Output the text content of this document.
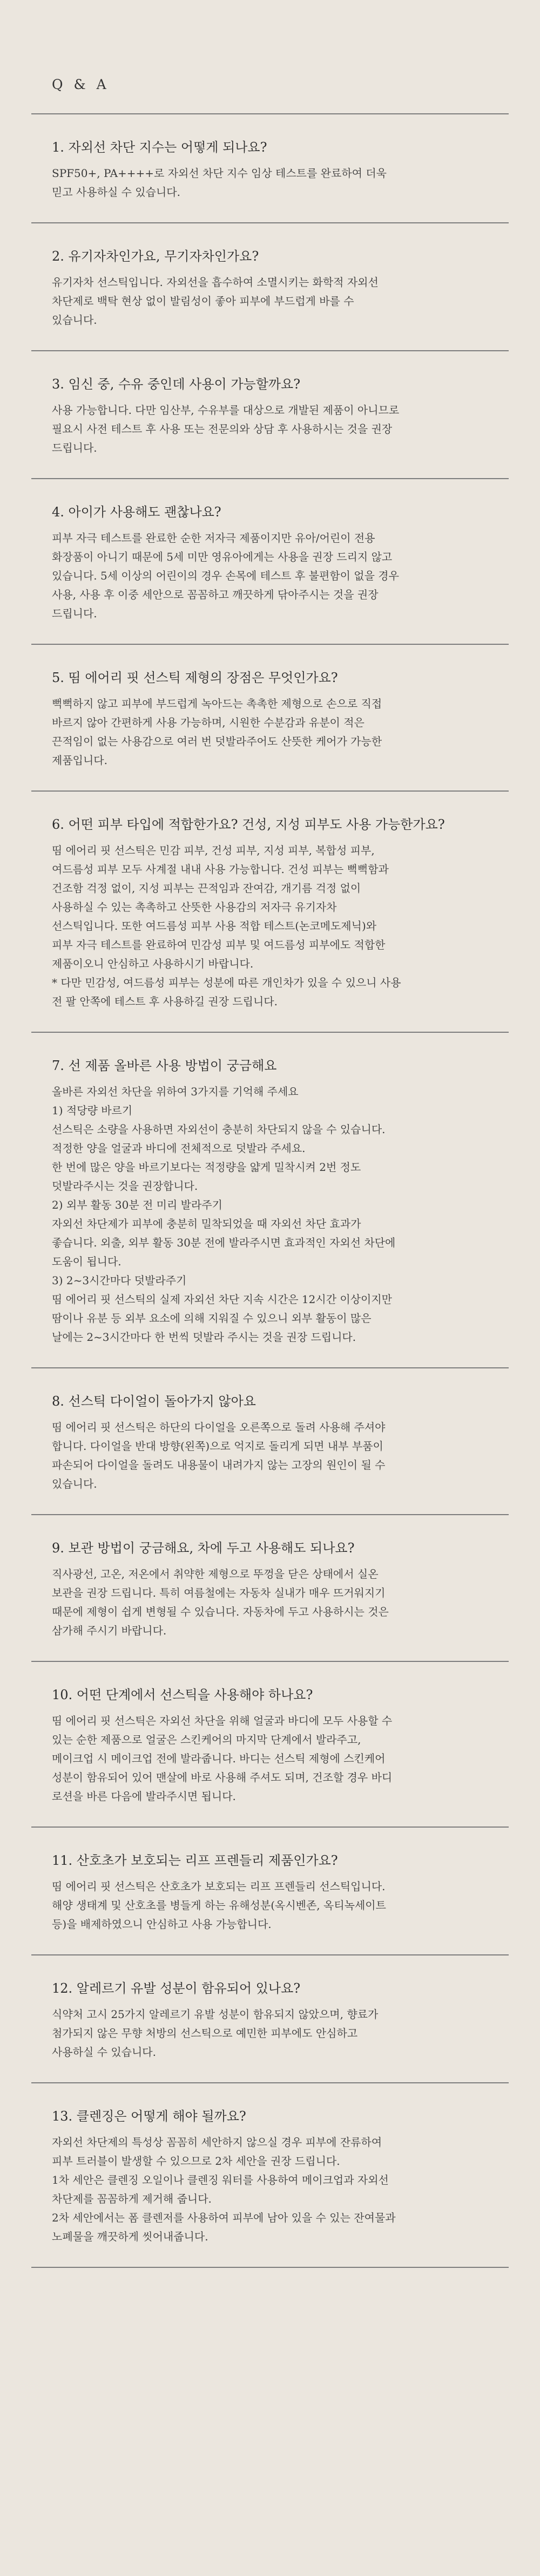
Q & A
1. 자외선 차단 지수는 어떻게 되나요?

SPF50+, PA++++로 자외선 차단 지수 임상 테스트를 완료하여 더욱
믿고 사용하실 수 있습니다.

2. 유기자차인가요, 무기자차인가요?

유기자차 선스틱입니다. 자외선을 흡수하여 소멸시키는 화학적 자외선
차단제로 백탁 현상 없이 발림성이 좋아 피부에 부드럽게 바를 수
있습니다.

3. 임신 중, 수유 중인데 사용이 가능할까요?

사용 가능합니다. 다만 임산부, 수유부를 대상으로 개발된 제품이 아니므로
필요시 사전 테스트 후 사용 또는 전문의와 상담 후 사용하시는 것을 권장
드립니다.

4. 아이가 사용해도 괜찮나요?

피부 자극 테스트를 완료한 순한 저자극 제품이지만 유아/어린이 전용
화장품이 아니기 때문에 5세 미만 영유아에게는 사용을 권장 드리지 않고
있습니다. 5세 이상의 어린이의 경우 손목에 테스트 후 불편함이 없을 경우
사용, 사용 후 이중 세안으로 꼼꼼하고 깨끗하게 닦아주시는 것을 권장
드립니다.

5. 띰 에어리 핏 선스틱 제형의 장점은 무엇인가요?

뻑뻑하지 않고 피부에 부드럽게 녹아드는 촉촉한 제형으로 손으로 직접
바르지 않아 간편하게 사용 가능하며, 시원한 수분감과 유분이 적은
끈적임이 없는 사용감으로 여러 번 덧발라주어도 산뜻한 케어가 가능한
제품입니다.

6. 어떤 피부 타입에 적합한가요? 건성, 지성 피부도 사용 가능한가요?

띰 에어리 핏 선스틱은 민감 피부, 건성 피부, 지성 피부, 복합성 피부,
여드름성 피부 모두 사계절 내내 사용 가능합니다. 건성 피부는 뻑뻑함과
건조함 걱정 없이, 지성 피부는 끈적임과 잔여감, 개기름 걱정 없이
사용하실 수 있는 촉촉하고 산뜻한 사용감의 저자극 유기자차
선스틱입니다. 또한 여드름성 피부 사용 적합 테스트(논코메도제닉)와
피부 자극 테스트를 완료하여 민감성 피부 및 여드름성 피부에도 적합한
제품이오니 안심하고 사용하시기 바랍니다.
* 다만 민감성, 여드름성 피부는 성분에 따른 개인차가 있을 수 있으니 사용
전 팔 안쪽에 테스트 후 사용하길 권장 드립니다.

7. 선 제품 올바른 사용 방법이 궁금해요

올바른 자외선 차단을 위하여 3가지를 기억해 주세요
1) 적당량 바르기
선스틱은 소량을 사용하면 자외선이 충분히 차단되지 않을 수 있습니다.
적정한 양을 얼굴과 바디에 전체적으로 덧발라 주세요.
한 번에 많은 양을 바르기보다는 적정량을 얇게 밀착시켜 2번 정도
덧발라주시는 것을 권장합니다.
2) 외부 활동 30분 전 미리 발라주기
자외선 차단제가 피부에 충분히 밀착되었을 때 자외선 차단 효과가
좋습니다. 외출, 외부 활동 30분 전에 발라주시면 효과적인 자외선 차단에
도움이 됩니다.
3) 2~3시간마다 덧발라주기
띰 에어리 핏 선스틱의 실제 자외선 차단 지속 시간은 12시간 이상이지만
땀이나 유분 등 외부 요소에 의해 지워질 수 있으니 외부 활동이 많은
날에는 2~3시간마다 한 번씩 덧발라 주시는 것을 권장 드립니다.

8. 선스틱 다이얼이 돌아가지 않아요

띰 에어리 핏 선스틱은 하단의 다이얼을 오른쪽으로 돌려 사용해 주셔야
합니다. 다이얼을 반대 방향(왼쪽)으로 억지로 돌리게 되면 내부 부품이
파손되어 다이얼을 돌려도 내용물이 내려가지 않는 고장의 원인이 될 수
있습니다.

9. 보관 방법이 궁금해요, 차에 두고 사용해도 되나요?

직사광선, 고온, 저온에서 취약한 제형으로 뚜껑을 닫은 상태에서 실온
보관을 권장 드립니다. 특히 여름철에는 자동차 실내가 매우 뜨거워지기
때문에 제형이 쉽게 변형될 수 있습니다. 자동차에 두고 사용하시는 것은
삼가해 주시기 바랍니다.

10. 어떤 단계에서 선스틱을 사용해야 하나요?

띰 에어리 핏 선스틱은 자외선 차단을 위해 얼굴과 바디에 모두 사용할 수
있는 순한 제품으로 얼굴은 스킨케어의 마지막 단계에서 발라주고,
메이크업 시 메이크업 전에 발라줍니다. 바디는 선스틱 제형에 스킨케어
성분이 함유되어 있어 맨살에 바로 사용해 주셔도 되며, 건조할 경우 바디
로션을 바른 다음에 발라주시면 됩니다.

11. 산호초가 보호되는 리프 프렌들리 제품인가요?

띰 에어리 핏 선스틱은 산호초가 보호되는 리프 프렌들리 선스틱입니다.
해양 생태계 및 산호초를 병들게 하는 유해성분(옥시벤존, 옥티녹세이트
등)을 배제하였으니 안심하고 사용 가능합니다.

12. 알레르기 유발 성분이 함유되어 있나요?

식약처 고시 25가지 알레르기 유발 성분이 함유되지 않았으며, 향료가
첨가되지 않은 무향 처방의 선스틱으로 예민한 피부에도 안심하고
사용하실 수 있습니다.

13. 클렌징은 어떻게 해야 될까요?

자외선 차단제의 특성상 꼼꼼히 세안하지 않으실 경우 피부에 잔류하여
피부 트러블이 발생할 수 있으므로 2차 세안을 권장 드립니다.
1차 세안은 클렌징 오일이나 클렌징 워터를 사용하여 메이크업과 자외선
차단제를 꼼꼼하게 제거해 줍니다.
2차 세안에서는 폼 클렌저를 사용하여 피부에 남아 있을 수 있는 잔여물과
노폐물을 깨끗하게 씻어내줍니다.
